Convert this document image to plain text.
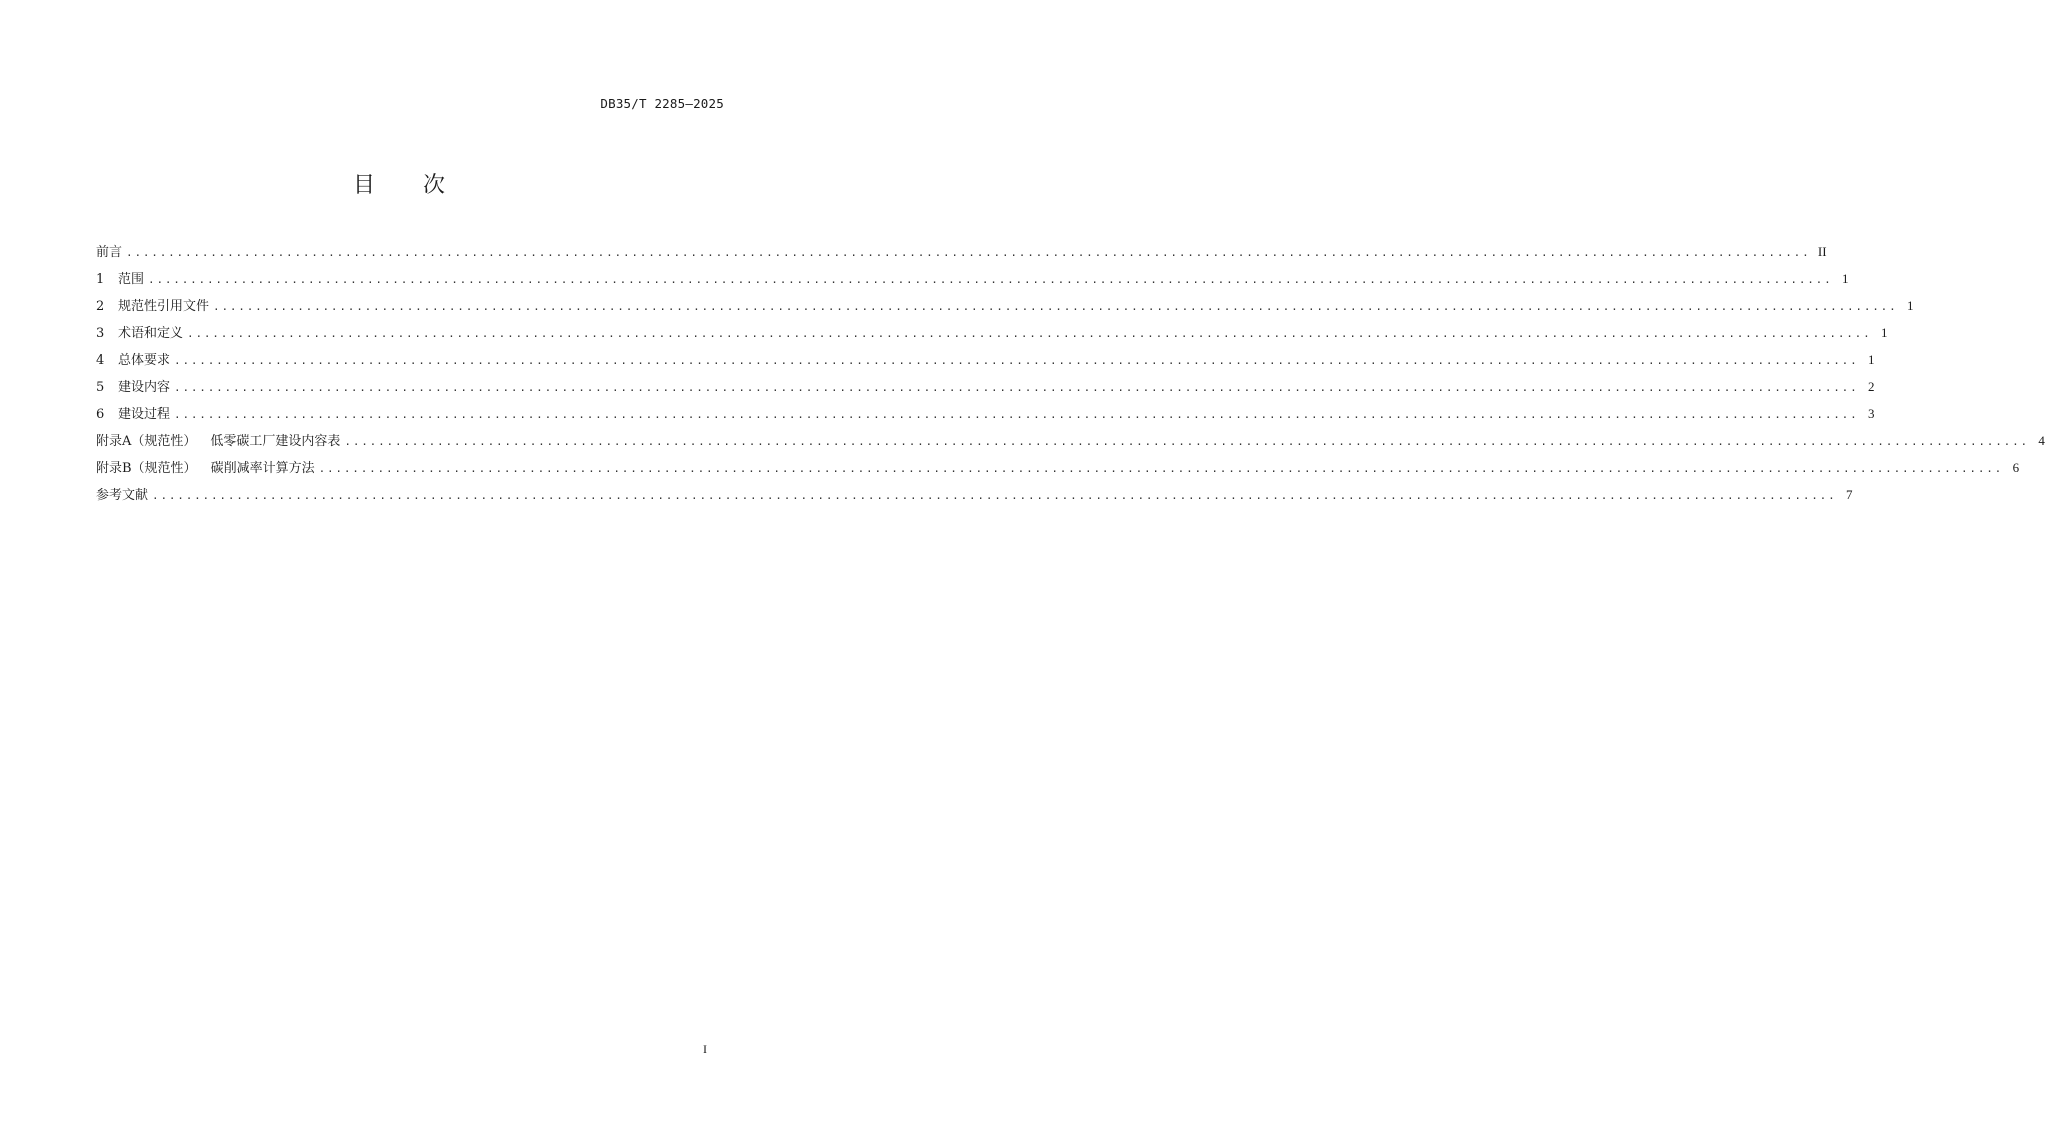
DB35/T 2285—2025
目 次
前言 ........................................................................................................................................................................................................ II
1	范围 ........................................................................................................................................................................................................ 1
2	规范性引用文件 ........................................................................................................................................................................................................ 1
3	术语和定义 ........................................................................................................................................................................................................ 1
4	总体要求 ........................................................................................................................................................................................................ 1
5	建设内容 ........................................................................................................................................................................................................ 2
6	建设过程 ........................................................................................................................................................................................................ 3
附录A（规范性） 低零碳工厂建设内容表 ........................................................................................................................................................................................................ 4
附录B（规范性） 碳削减率计算方法 ........................................................................................................................................................................................................ 6
参考文献 ........................................................................................................................................................................................................ 7
I
